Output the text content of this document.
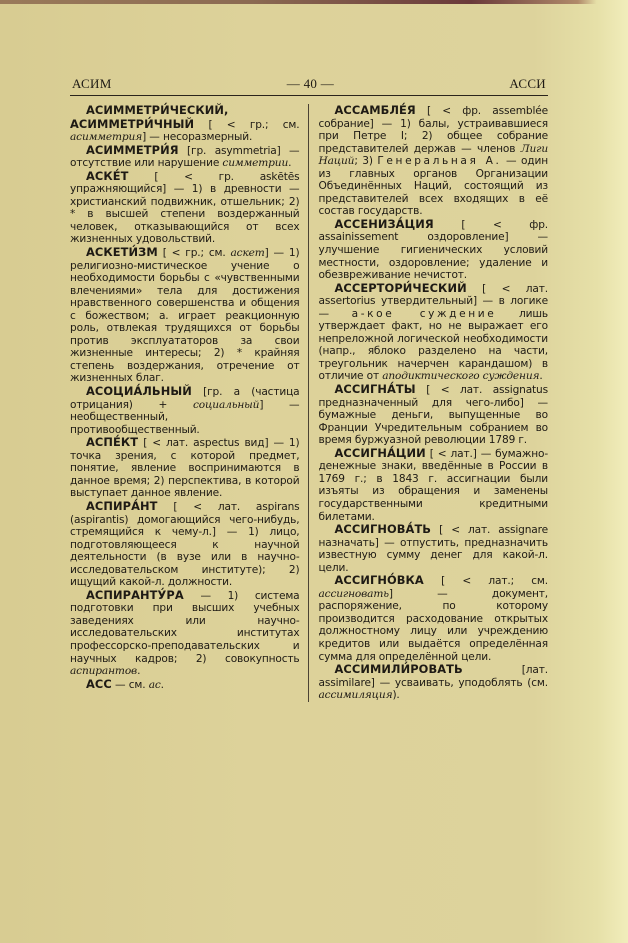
АСИМ	— 40 —	АССИ

АСИММЕТРИ́ЧЕСКИЙ, АСИММЕТРИ́ЧНЫЙ [ < гр.; см. асимметрия] — несоразмерный.

АСИММЕТРИ́Я [гр. asymmetria] — отсутствие или нарушение симметрии.

АСКЕ́Т [ < гр. askētēs упражняющийся] — 1) в древности — христианский подвижник, отшельник; 2) * в высшей степени воздержанный человек, отказывающийся от всех жизненных удовольствий.

АСКЕТИ́ЗМ [ < гр.; см. аскет] — 1) религиозно-мистическое учение о необходимости борьбы с «чувственными влечениями» тела для достижения нравственного совершенства и общения с божеством; а. играет реакционную роль, отвлекая трудящихся от борьбы против эксплуататоров за свои жизненные интересы; 2) * крайняя степень воздержания, отречение от жизненных благ.

АСОЦИА́ЛЬНЫЙ [гр. а (частица отрицания) + социальный] — необщественный, противообщественный.

АСПЕ́КТ [ < лат. aspectus вид] — 1) точка зрения, с которой предмет, понятие, явление воспринимаются в данное время; 2) перспектива, в которой выступает данное явление.

АСПИРА́НТ [ < лат. aspirans (aspirantis) домогающийся чего-нибудь, стремящийся к чему-л.] — 1) лицо, подготовляющееся к научной деятельности (в вузе или в научно-исследовательском институте); 2) ищущий какой-л. должности.

АСПИРАНТУ́РА — 1) система подготовки при высших учебных заведениях или научно-исследовательских институтах профессорско-преподавательских и научных кадров; 2) совокупность аспирантов.

АСС — см. ас.

АССАМБЛЕ́Я [ < фр. assemblée собрание] — 1) балы, устраивавшиеся при Петре I; 2) общее собрание представителей держав — членов Лиги Наций; 3) Генеральная А. — один из главных органов Организации Объединённых Наций, состоящий из представителей всех входящих в её состав государств.

АССЕНИЗА́ЦИЯ [ < фр. assainissement оздоровление] — улучшение гигиенических условий местности, оздоровление; удаление и обезвреживание нечистот.

АССЕРТОРИ́ЧЕСКИЙ [ < лат. assertorius утвердительный] — в логике — а-кое суждение лишь утверждает факт, но не выражает его непреложной логической необходимости (напр., яблоко разделено на части, треугольник начерчен карандашом) в отличие от аподиктического суждения.

АССИГНА́ТЫ [ < лат. assignatus предназначенный для чего-либо] — бумажные деньги, выпущенные во Франции Учредительным собранием во время буржуазной революции 1789 г.

АССИГНА́ЦИИ [ < лат.] — бумажно-денежные знаки, введённые в России в 1769 г.; в 1843 г. ассигнации были изъяты из обращения и заменены государственными кредитными билетами.

АССИГНОВА́ТЬ [ < лат. assignare назначать] — отпустить, предназначить известную сумму денег для какой-л. цели.

АССИГНО́ВКА [ < лат.; см. ассигновать] — документ, распоряжение, по которому производится расходование открытых должностному лицу или учреждению кредитов или выдаётся определённая сумма для определённой цели.

АССИМИЛИ́РОВАТЬ [лат. assimilare] — усваивать, уподоблять (см. ассимиляция).
